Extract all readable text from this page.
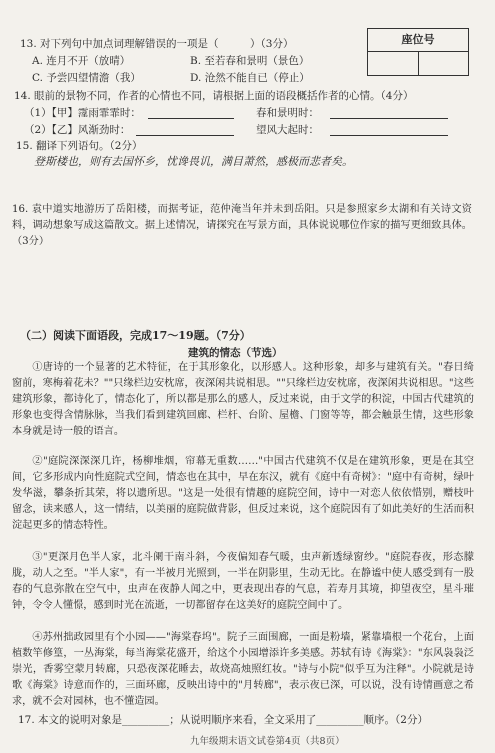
座位号
13. 对下列句中加点词理解错误的一项是（　　　）（3分）
A. 连月不开（放晴）	B. 至若春和景明（景色）
C. 予尝四望情澹（我）	D. 沧然不能自已（停止）
14. 眼前的景物不同，作者的心情也不同，请根据上面的语段概括作者的心情。（4分）
（1）【甲】霪雨霏霏时：	春和景明时：
（2）【乙】风渐劲时：	望风大起时：
15. 翻译下列语句。（2分）
登斯楼也，则有去国怀乡，忧谗畏讥，满目萧然，感极而悲者矣。
16. 袁中道实地游历了岳阳楼，而据考证，范仲淹当年并未到岳阳。只是参照家乡太湖和有关诗文资料，调动想象写成这篇散文。据上述情况，请探究在写景方面，具体说说哪位作家的描写更细致具体。（3分）
（二）阅读下面语段，完成17～19题。（7分）
建筑的情态（节选）
①唐诗的一个显著的艺术特征，在于其形象化，以形感人。这种形象，却多与建筑有关。"春日绮窗前，寒梅着花未？""只缘栏边安枕席，夜深闲共说相思。""只缘栏边安枕席，夜深闲共说相思。"这些建筑形象，都诗化了，情态化了，所以都是那么的感人，反过来说，由于文学的积淀，中国古代建筑的形象也变得含情脉脉，当我们看到建筑回廊、栏杆、台阶、屋檐、门窗等等，都会触景生情，这些形象本身就是诗一般的语言。
②"庭院深深深几许，杨柳堆烟，帘幕无重数……"中国古代建筑不仅是在建筑形象，更是在其空间，它多形成内向性庭院式空间，情态也在其中，早在东汉，就有《庭中有奇树》："庭中有奇树，绿叶发华滋，攀条折其荣，将以遗所思。"这是一处很有情趣的庭院空间，诗中一对恋人依依惜别，赠枝叶留念，读来感人，这一情结，以美丽的庭院做背影，但反过来说，这个庭院因有了如此美好的生活而积淀起更多的情态特性。
③"更深月色半人家，北斗阑干南斗斜，今夜偏知春气暖，虫声新透绿窗纱。"庭院春夜，形态朦胧，动人之至。"半人家"，有一半被月光照到，一半在阴影里，生动无比。在静谧中使人感受到有一股春的气息弥散在空气中，虫声在夜静人闻之中，更表现出春的气息，若寿月其境，抑望夜空，星斗璀钟，令令人懂憬，感到时光在流逝，一切都留存在这美好的庭院空间中了。
④苏州拙政园里有个小园——"海棠春坞"。院子三面围廊，一面是粉墙，紧靠墙根一个花台，上面植数竿修篁，一丛海棠，每当海棠花盛开，给这个小园增添许多美感。苏轼有诗《海棠》："东风袅袅泛崇光，香雾空蒙月转廊，只恐夜深花睡去，故烧高烛照红妆。"诗与小院"似乎互为注释"。小院就是诗歌《海棠》诗意而作的，三面环廊，反映出诗中的"月转廊"，表示夜已深，可以说，没有诗情画意之希求，就不会对园林，也不懂造园。
17. 本文的说明对象是_________；从说明顺序来看，全文采用了_________顺序。（2分）
九年级期末语文试卷第4页（共8页）
